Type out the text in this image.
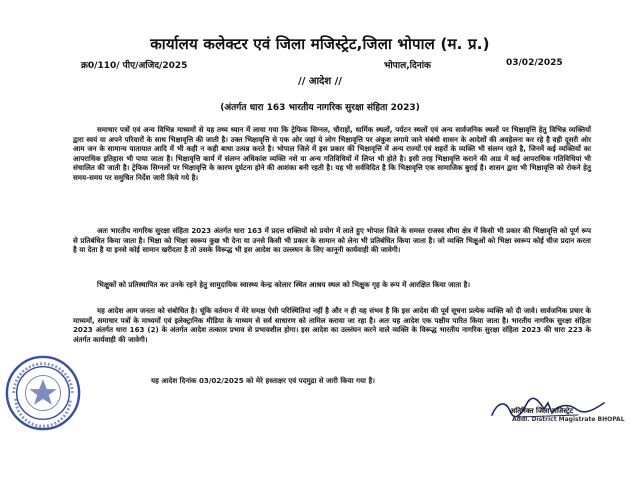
कार्यालय कलेक्टर एवं जिला मजिस्ट्रेट,जिला भोपाल (म. प्र.)
क्र0/110/ पीए/अजिद/2025	भोपाल,दिनांक	03/02/2025
// आदेश //
(अंतर्गत धारा 163 भारतीय नागरिक सुरक्षा संहिता 2023)
समाचार पत्रों एवं अन्य विभिन्न माध्यमों से यह तथ्य ध्यान में लाया गया कि ट्रेफिक सिग्नल, चौराहों, धार्मिक स्थलों, पर्यटन स्थलों एवं अन्य सार्वजनिक स्थलों पर भिक्षावृत्ति हेतु विभिन्न व्यक्तियों द्वारा स्वयं या अपने परिवारों के साथ भिक्षावृत्ति की जाती है। उक्त भिक्षावृत्ति से एक ओर जहां ये लोग भिक्षावृत्ति पर अंकुश लगाये जाने संबंधी शासन के आदेशों की अवहेलना कर रहे है वही दूसरी ओर आम जन के सामान्य यातायात आदि में भी कही न कही बाधा उत्पन्न करते है। भोपाल जिले में इस प्रकार की भिक्षावृत्ति में अन्य राज्यों एवं शहरों के व्यक्ति भी संलग्न रहते है, जिनमें कई व्यक्तियों का आपराधिक इतिहास भी पाया जाता है। भिक्षावृत्ति कार्य में संलग्न अधिकांश व्यक्ति नशे या अन्य गतिविधियों में लिप्त भी होते है। इसी तरह भिक्षावृत्ति कराने की आड में कई आपराधिक गतिविधियां भी संचालित की जाती है। ट्रेफिक सिग्नलों पर भिक्षावृत्ति के कारण दुर्घटना होने की आशंका बनी रहती है। यह भी सर्वविदित है कि भिक्षावृत्ति एक सामाजिक बुराई है। शासन द्वारा भी भिक्षावृत्ति को रोकने हेतु समय-समय पर समुचित निर्देश जारी किये गये है।
अतः भारतीय नागरिक सुरक्षा संहिता 2023 अंतर्गत धारा 163 में प्रदत्त शक्तियों को प्रयोग में लाते हुए भोपाल जिले के समस्त राजस्व सीमा क्षेत्र में किसी भी प्रकार की भिक्षावृत्ति को पूर्ण रूप से प्रतिबंधित किया जाता है। भिक्षा को भिक्षा स्वरूप कुछ भी देना या उनसे किसी भी प्रकार के सामान को लेना भी प्रतिबंधित किया जाता है। जो व्यक्ति भिक्षुओं को भिक्षा स्वरूप कोई चीज प्रदान करता है या देता है या इनसे कोई सामान खरीदता है तो उसके विरूद्ध भी इस आदेश का उल्लघन के लिए कानूनी कार्यवाही की जावेगी।
भिक्षुकों को प्रतिस्थापित कर उनके रहने हेतु सामुदायिक स्वास्थ्य केन्द्र कोलार स्थित आश्रय स्थल को भिक्षुक गृह के रूप में आरक्षित किया जाता है।
यह आदेश आम जनता को संबोधित है। चूंकि वर्तमान में मेरे समक्ष ऐसी परिस्थितियां नहीं है और न ही यह संभव है कि इस आदेश की पूर्व सूचना प्रत्येक व्यक्ति को दी जावे। सार्वजनिक प्रचार के माध्यमों, समाचार पत्रों के माध्यमों एवं इलेक्ट्रानिक मीडिया के माध्यम से सर्व साधारण को तामिल कराया जा रहा है। अतः यह आदेश एक पक्षीय पारित किया जाता है। भारतीय नागरिक सुरक्षा संहिता 2023 अंतर्गत धारा 163 (2) के अंतर्गत आदेश तत्काल प्रभाव से प्रभावशील होगा। इस आदेश का उल्लंघन करने वाले व्यक्ति के विरूद्ध भारतीय नागरिक सुरक्षा संहिता 2023 की धारा 223 के अंतर्गत कार्यवाही की जावेगी।
यह आदेश दिनांक 03/02/2025 को मेरे हस्ताक्षर एवं पदमुद्रा से जारी किया गया है।
अतिरिक्त जिला मजिस्ट्रेट
Addl. District Magistrate BHOPAL
